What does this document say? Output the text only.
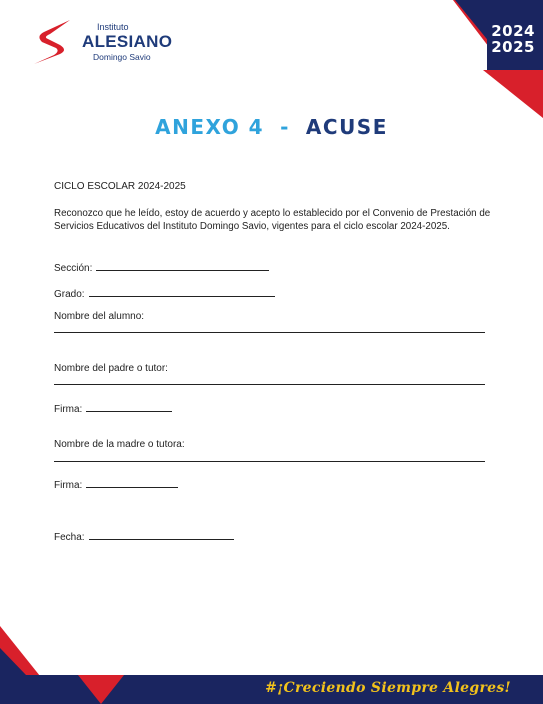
Instituto
ALESIANO
Domingo Savio
2024
2025
ANEXO 4 - ACUSE
CICLO ESCOLAR 2024-2025
Reconozco que he leído, estoy de acuerdo y acepto lo establecido por el Convenio de Prestación de Servicios Educativos del Instituto Domingo Savio, vigentes para el ciclo escolar 2024-2025.
Sección:
Grado:
Nombre del alumno:
Nombre del padre o tutor:
Firma:
Nombre de la madre o tutora:
Firma:
Fecha:
#¡Creciendo Siempre Alegres!
